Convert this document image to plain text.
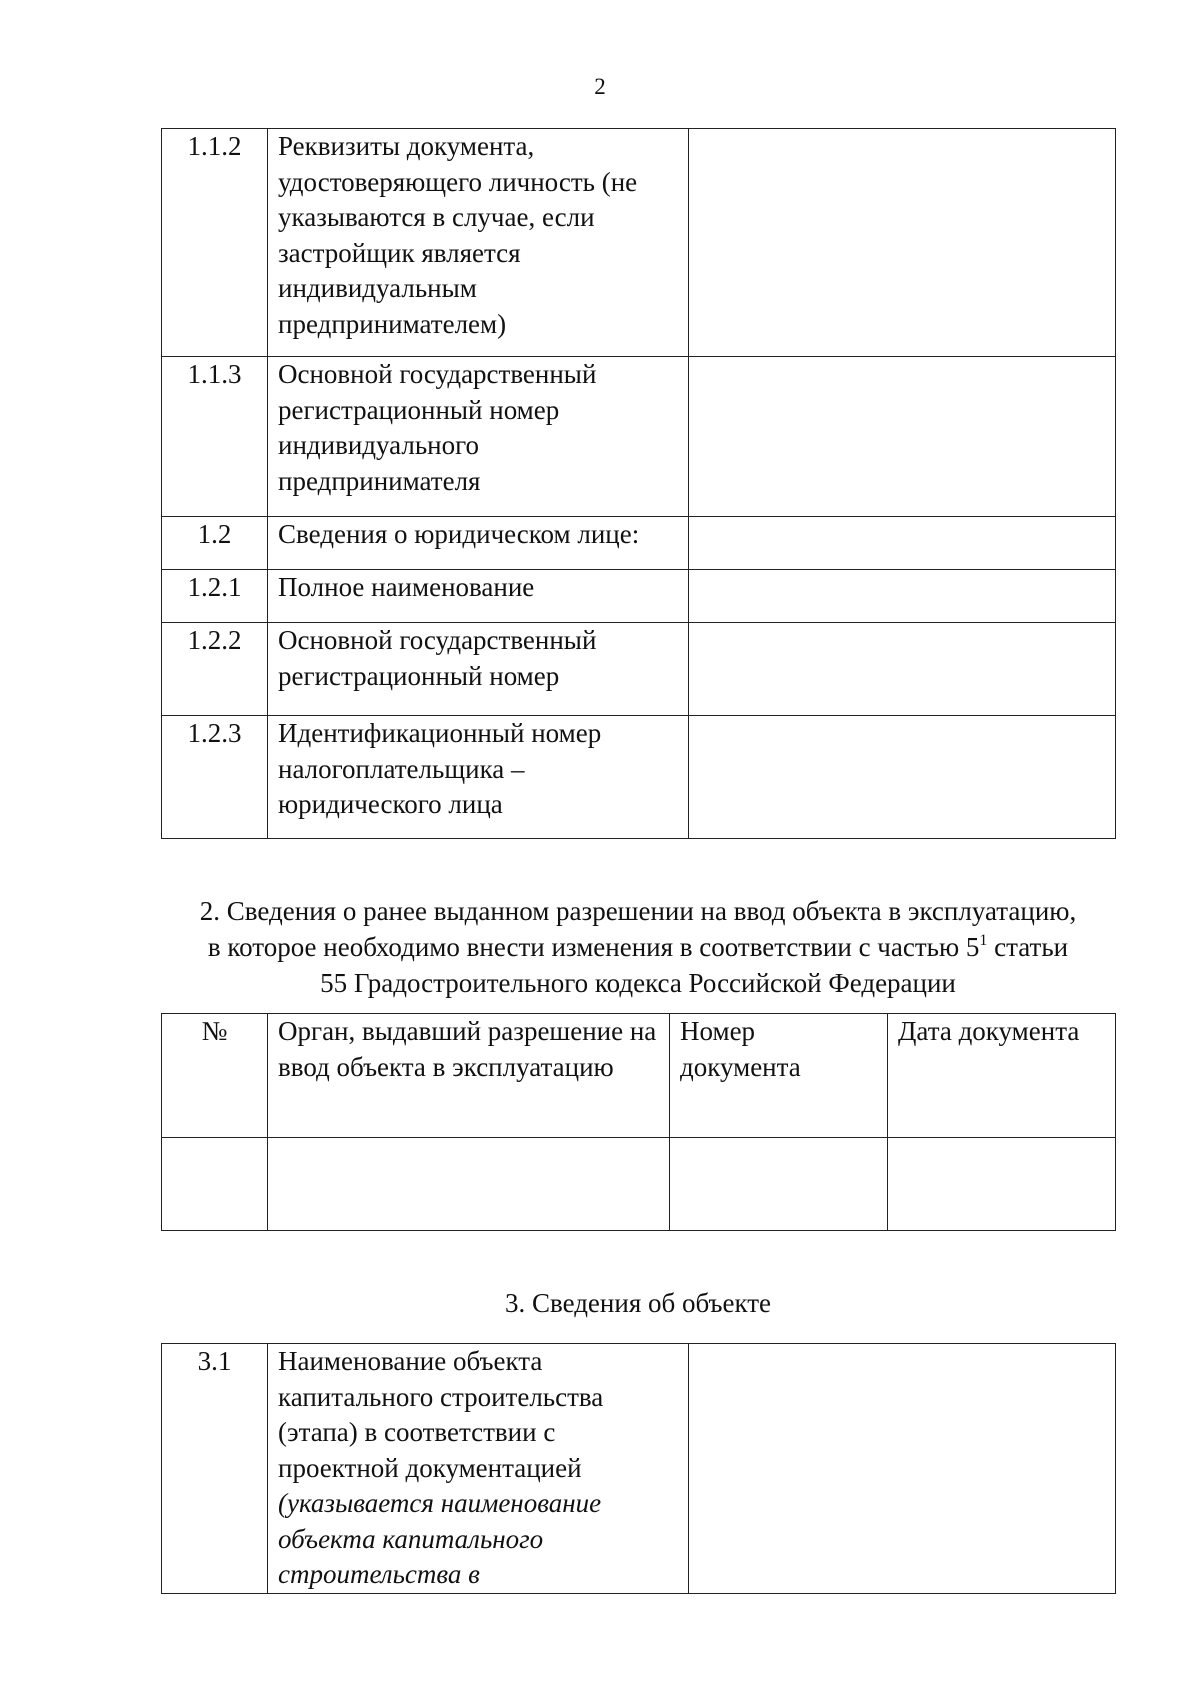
2
1.1.2	Реквизиты документа, удостоверяющего личность (не указываются в случае, если застройщик является индивидуальным предпринимателем)	
1.1.3	Основной государственный регистрационный номер индивидуального предпринимателя	
1.2	Сведения о юридическом лице:	
1.2.1	Полное наименование	
1.2.2	Основной государственный регистрационный номер	
1.2.3	Идентификационный номер налогоплательщика – юридического лица	
2. Сведения о ранее выданном разрешении на ввод объекта в эксплуатацию,
в которое необходимо внести изменения в соответствии с частью $5^1$ статьи
55 Градостроительного кодекса Российской Федерации
№	Орган, выдавший разрешение на ввод объекта в эксплуатацию	Номер документа	Дата документа

3. Сведения об объекте
3.1	Наименование объекта капитального строительства (этапа) в соответствии с проектной документацией (указывается наименование объекта капитального строительства в	
